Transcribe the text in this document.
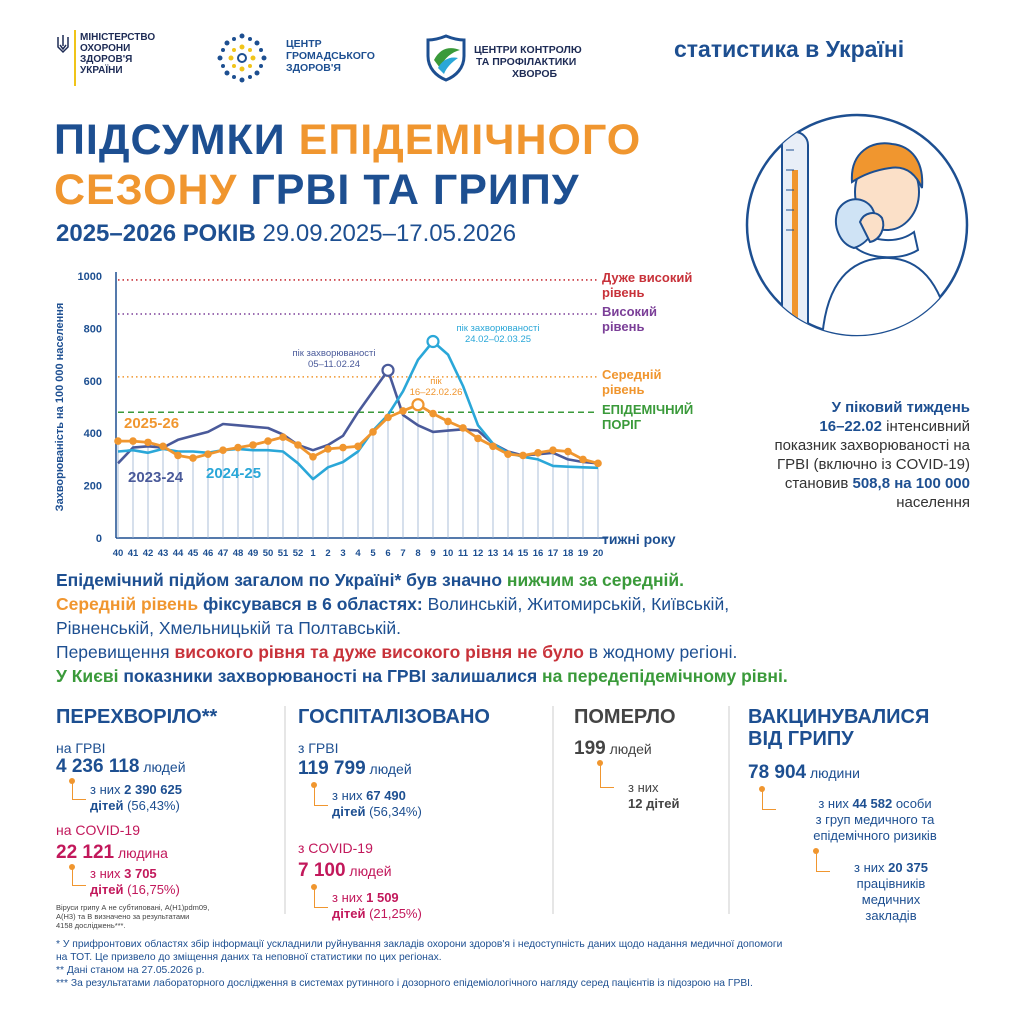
МІНІСТЕРСТВО
ОХОРОНИ
ЗДОРОВ'Я
УКРАЇНИ
ЦЕНТР
ГРОМАДСЬКОГО
ЗДОРОВ'Я
ЦЕНТРИ КОНТРОЛЮ
ТА ПРОФІЛАКТИКИ
ХВОРОБ
статистика в Україні
ПІДСУМКИ ЕПІДЕМІЧНОГО
СЕЗОНУ ГРВІ ТА ГРИПУ
2025–2026 РОКІВ 29.09.2025–17.05.2026
Захворюваність на 100 000 населення
0
200
400
600
800
1000
40 41 42 43 44 45 46 47 48 49 50 51 52 1 2 3 4 5 6 7 8 9 10 11 12 13 14 15 16 17 18 19 20
тижні року
Дуже високий
рівень
Високий
рівень
Середній
рівень
ЕПІДЕМІЧНИЙ
ПОРІГ
2023-24 2024-25
2025-26
пік захворюваності
05–11.02.24
пік захворюваності
24.02–02.03.25
пік
16–22.02.26
У піковий тиждень
16–22.02 інтенсивний
показник захворюваності на
ГРВІ (включно із COVID-19)
становив 508,8 на 100 000
населення

Епідемічний підйом загалом по Україні* був значно нижчим за середній.

Середній рівень фіксувався в 6 областях: Волинській, Житомирській, Київській,

Рівненській, Хмельницькій та Полтавській.

Перевищення високого рівня та дуже високого рівня не було в жодному регіоні.

У Києві показники захворюваності на ГРВІ залишалися на передепідемічному рівні.

ПЕРЕХВОРІЛО**
на ГРВІ
4 236 118 людей
з них 2 390 625
дітей (56,43%)
на COVID-19
22 121 людина
з них 3 705
дітей (16,75%)
Віруси грипу А не субтиповані, А(Н1)pdm09,
А(Н3) та В визначено за результатами
4158 досліджень***.
ГОСПІТАЛІЗОВАНО
з ГРВІ
119 799 людей
з них 67 490
дітей (56,34%)
з COVID-19
7 100 людей
з них 1 509
дітей (21,25%)
ПОМЕРЛО
199 людей
з них
12 дітей
ВАКЦИНУВАЛИСЯ
ВІД ГРИПУ
78 904 людини
з них 44 582 особи
з груп медичного та
епідемічного ризиків
з них 20 375
працівників
медичних
закладів
* У прифронтових областях збір інформації ускладнили руйнування закладів охорони здоров'я і недоступність даних щодо надання медичної допомоги
на ТОТ. Це призвело до зміщення даних та неповної статистики по цих регіонах.
** Дані станом на 27.05.2026 р.
*** За результатами лабораторного дослідження в системах рутинного і дозорного епідеміологічного нагляду серед пацієнтів із підозрою на ГРВІ.
